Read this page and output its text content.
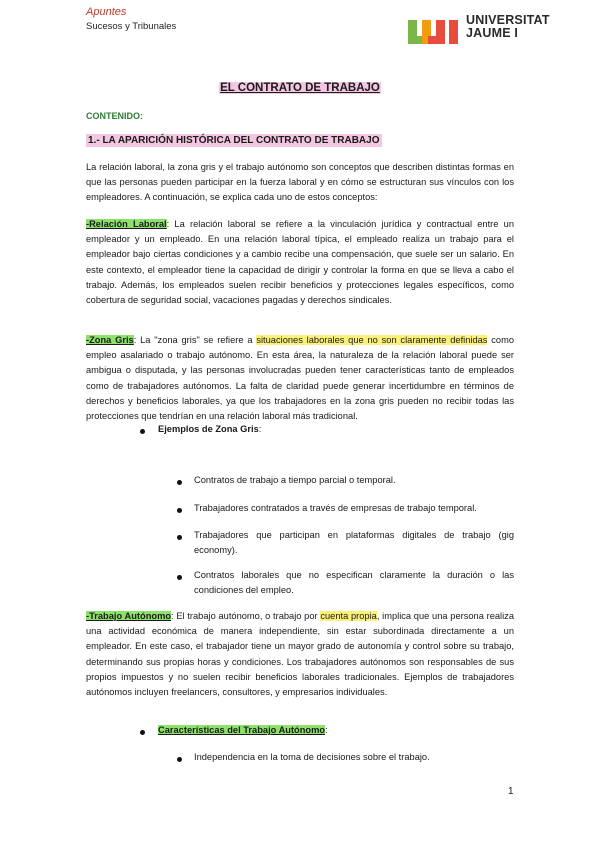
Apuntes
Sucesos y Tribunales	UNIVERSITAT
JAUME I
EL CONTRATO DE TRABAJO
CONTENIDO:
1.- LA APARICIÓN HISTÓRICA DEL CONTRATO DE TRABAJO
La relación laboral, la zona gris y el trabajo autónomo son conceptos que describen distintas formas en que las personas pueden participar en la fuerza laboral y en cómo se estructuran sus vínculos con los empleadores. A continuación, se explica cada uno de estos conceptos:
-Relación Laboral: La relación laboral se refiere a la vinculación jurídica y contractual entre un empleador y un empleado. En una relación laboral típica, el empleado realiza un trabajo para el empleador bajo ciertas condiciones y a cambio recibe una compensación, que suele ser un salario. En este contexto, el empleador tiene la capacidad de dirigir y controlar la forma en que se lleva a cabo el trabajo. Además, los empleados suelen recibir beneficios y protecciones legales específicos, como cobertura de seguridad social, vacaciones pagadas y derechos sindicales.
-Zona Gris: La "zona gris" se refiere a situaciones laborales que no son claramente definidas como empleo asalariado o trabajo autónomo. En esta área, la naturaleza de la relación laboral puede ser ambigua o disputada, y las personas involucradas pueden tener características tanto de empleados como de trabajadores autónomos. La falta de claridad puede generar incertidumbre en términos de derechos y beneficios laborales, ya que los trabajadores en la zona gris pueden no recibir todas las protecciones que tendrían en una relación laboral más tradicional.
Ejemplos de Zona Gris:
Contratos de trabajo a tiempo parcial o temporal.
Trabajadores contratados a través de empresas de trabajo temporal.
Trabajadores que participan en plataformas digitales de trabajo (gig economy).
Contratos laborales que no especifican claramente la duración o las condiciones del empleo.
-Trabajo Autónomo: El trabajo autónomo, o trabajo por cuenta propia, implica que una persona realiza una actividad económica de manera independiente, sin estar subordinada directamente a un empleador. En este caso, el trabajador tiene un mayor grado de autonomía y control sobre su trabajo, determinando sus propias horas y condiciones. Los trabajadores autónomos son responsables de sus propios impuestos y no suelen recibir beneficios laborales tradicionales. Ejemplos de trabajadores autónomos incluyen freelancers, consultores, y empresarios individuales.
Características del Trabajo Autónomo:
Independencia en la toma de decisiones sobre el trabajo.
1
